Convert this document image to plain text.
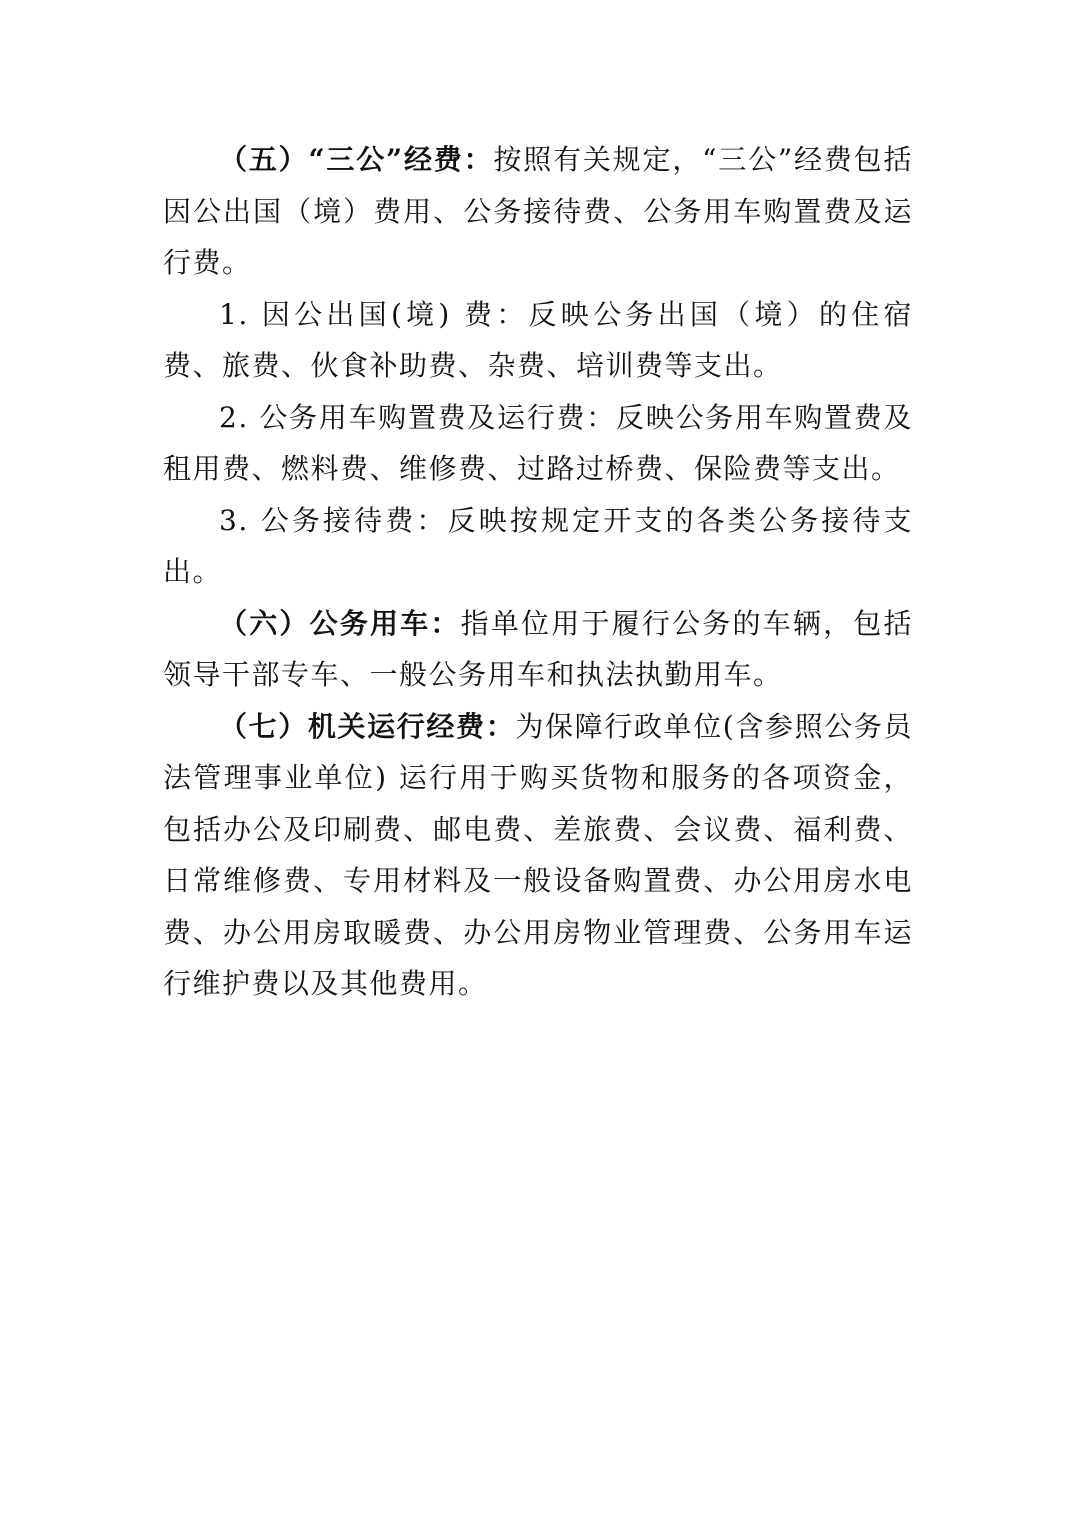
（五）“三公”经费：按照有关规定，“三公”经费包括因公出国（境）费用、公务接待费、公务用车购置费及运行费。

1. 因公出国(境) 费：反映公务出国（境）的住宿费、旅费、伙食补助费、杂费、培训费等支出。

2. 公务用车购置费及运行费：反映公务用车购置费及租用费、燃料费、维修费、过路过桥费、保险费等支出。

3. 公务接待费：反映按规定开支的各类公务接待支出。

（六）公务用车：指单位用于履行公务的车辆，包括领导干部专车、一般公务用车和执法执勤用车。

（七）机关运行经费：为保障行政单位(含参照公务员法管理事业单位) 运行用于购买货物和服务的各项资金，包括办公及印刷费、邮电费、差旅费、会议费、福利费、日常维修费、专用材料及一般设备购置费、办公用房水电费、办公用房取暖费、办公用房物业管理费、公务用车运行维护费以及其他费用。
